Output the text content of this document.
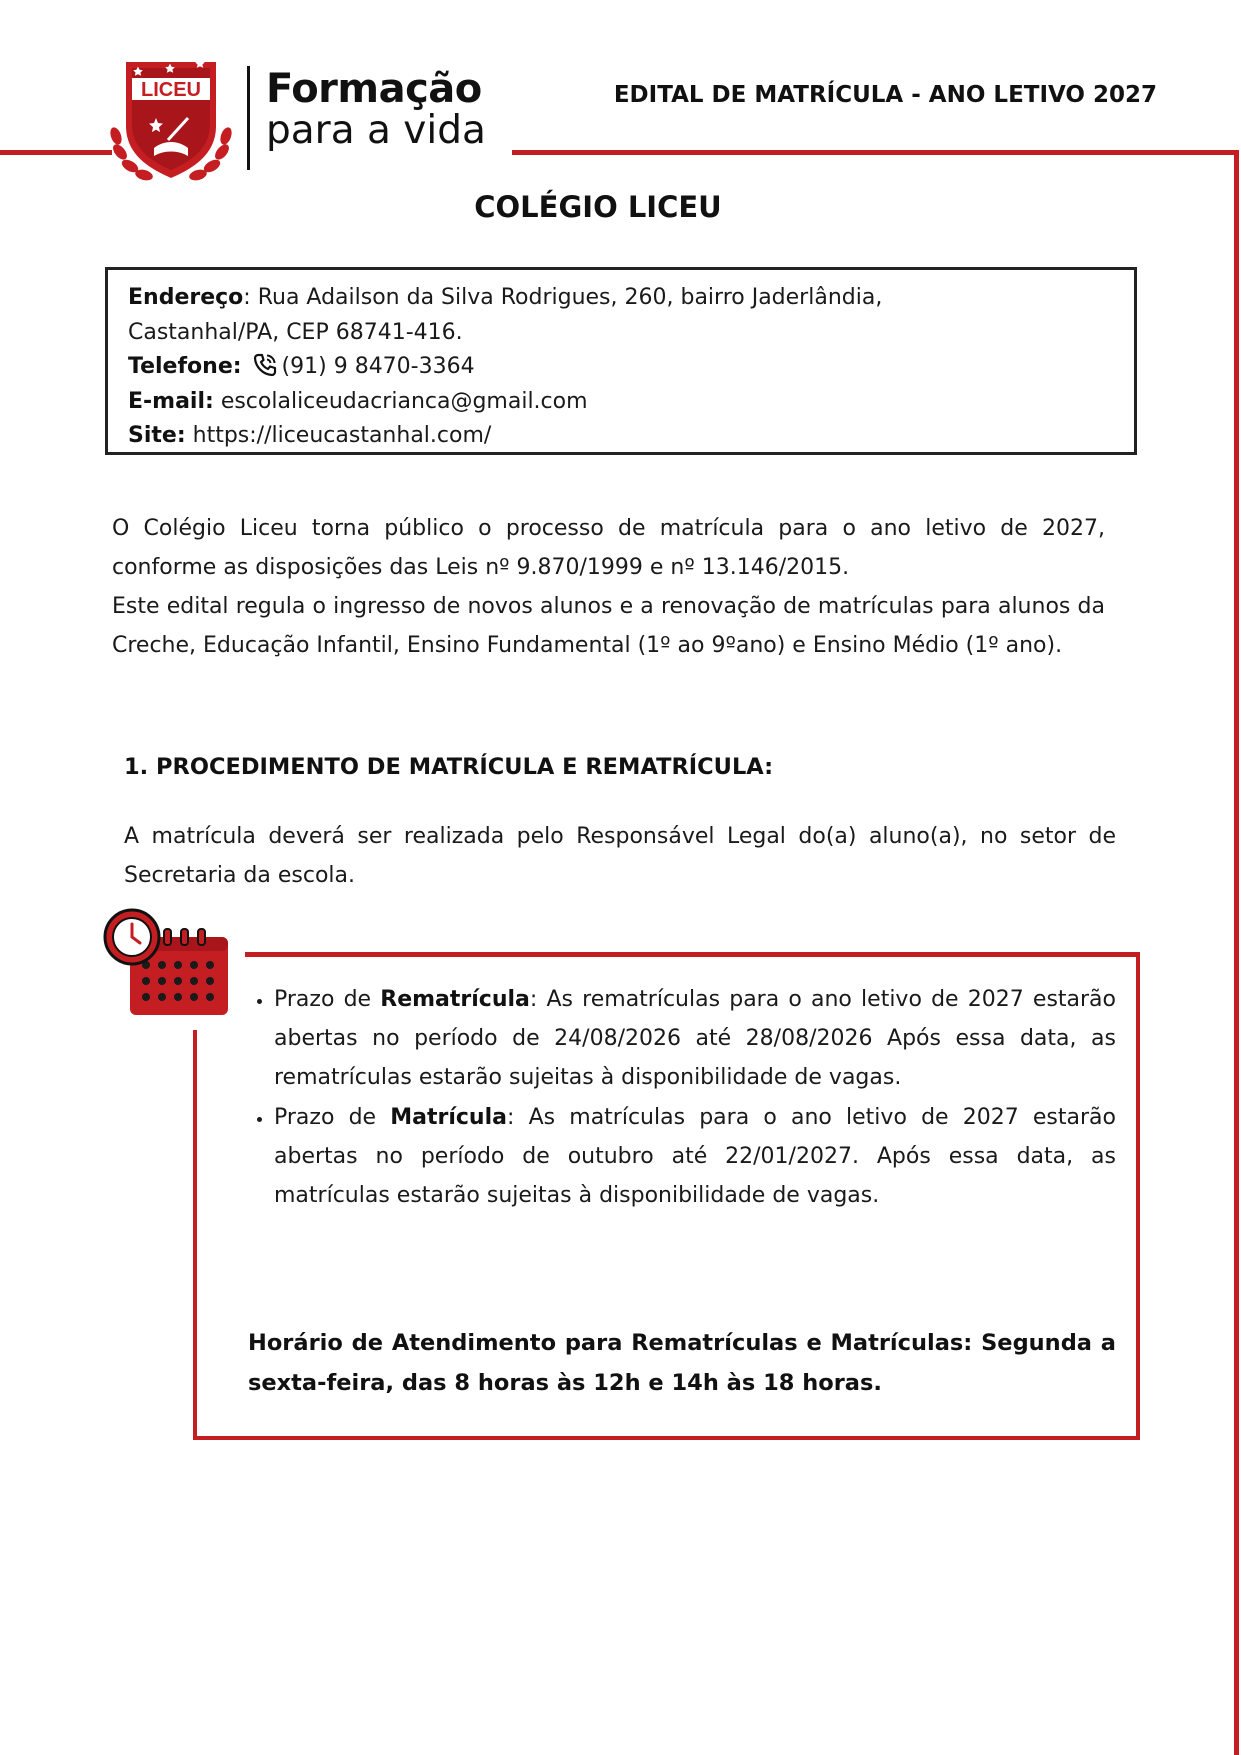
LICEU Formação
para a vida
EDITAL DE MATRÍCULA - ANO LETIVO 2027
COLÉGIO LICEU
Endereço: Rua Adailson da Silva Rodrigues, 260, bairro Jaderlândia,
Castanhal/PA, CEP 68741-416.
Telefone: (91) 9 8470-3364
E-mail: escolaliceudacrianca@gmail.com
Site: https://liceucastanhal.com/
O Colégio Liceu torna público o processo de matrícula para o ano letivo de 2027, conforme as disposições das Leis nº 9.870/1999 e nº 13.146/2015.
Este edital regula o ingresso de novos alunos e a renovação de matrículas para alunos da Creche, Educação Infantil, Ensino Fundamental (1º ao 9ºano) e Ensino Médio (1º ano).
1. PROCEDIMENTO DE MATRÍCULA E REMATRÍCULA:
A matrícula deverá ser realizada pelo Responsável Legal do(a) aluno(a), no setor de Secretaria da escola.
• Prazo de Rematrícula: As rematrículas para o ano letivo de 2027 estarão abertas no período de 24/08/2026 até 28/08/2026 Após essa data, as rematrículas estarão sujeitas à disponibilidade de vagas.
• Prazo de Matrícula: As matrículas para o ano letivo de 2027 estarão abertas no período de outubro até 22/01/2027. Após essa data, as matrículas estarão sujeitas à disponibilidade de vagas.
Horário de Atendimento para Rematrículas e Matrículas: Segunda a sexta-feira, das 8 horas às 12h e 14h às 18 horas.
